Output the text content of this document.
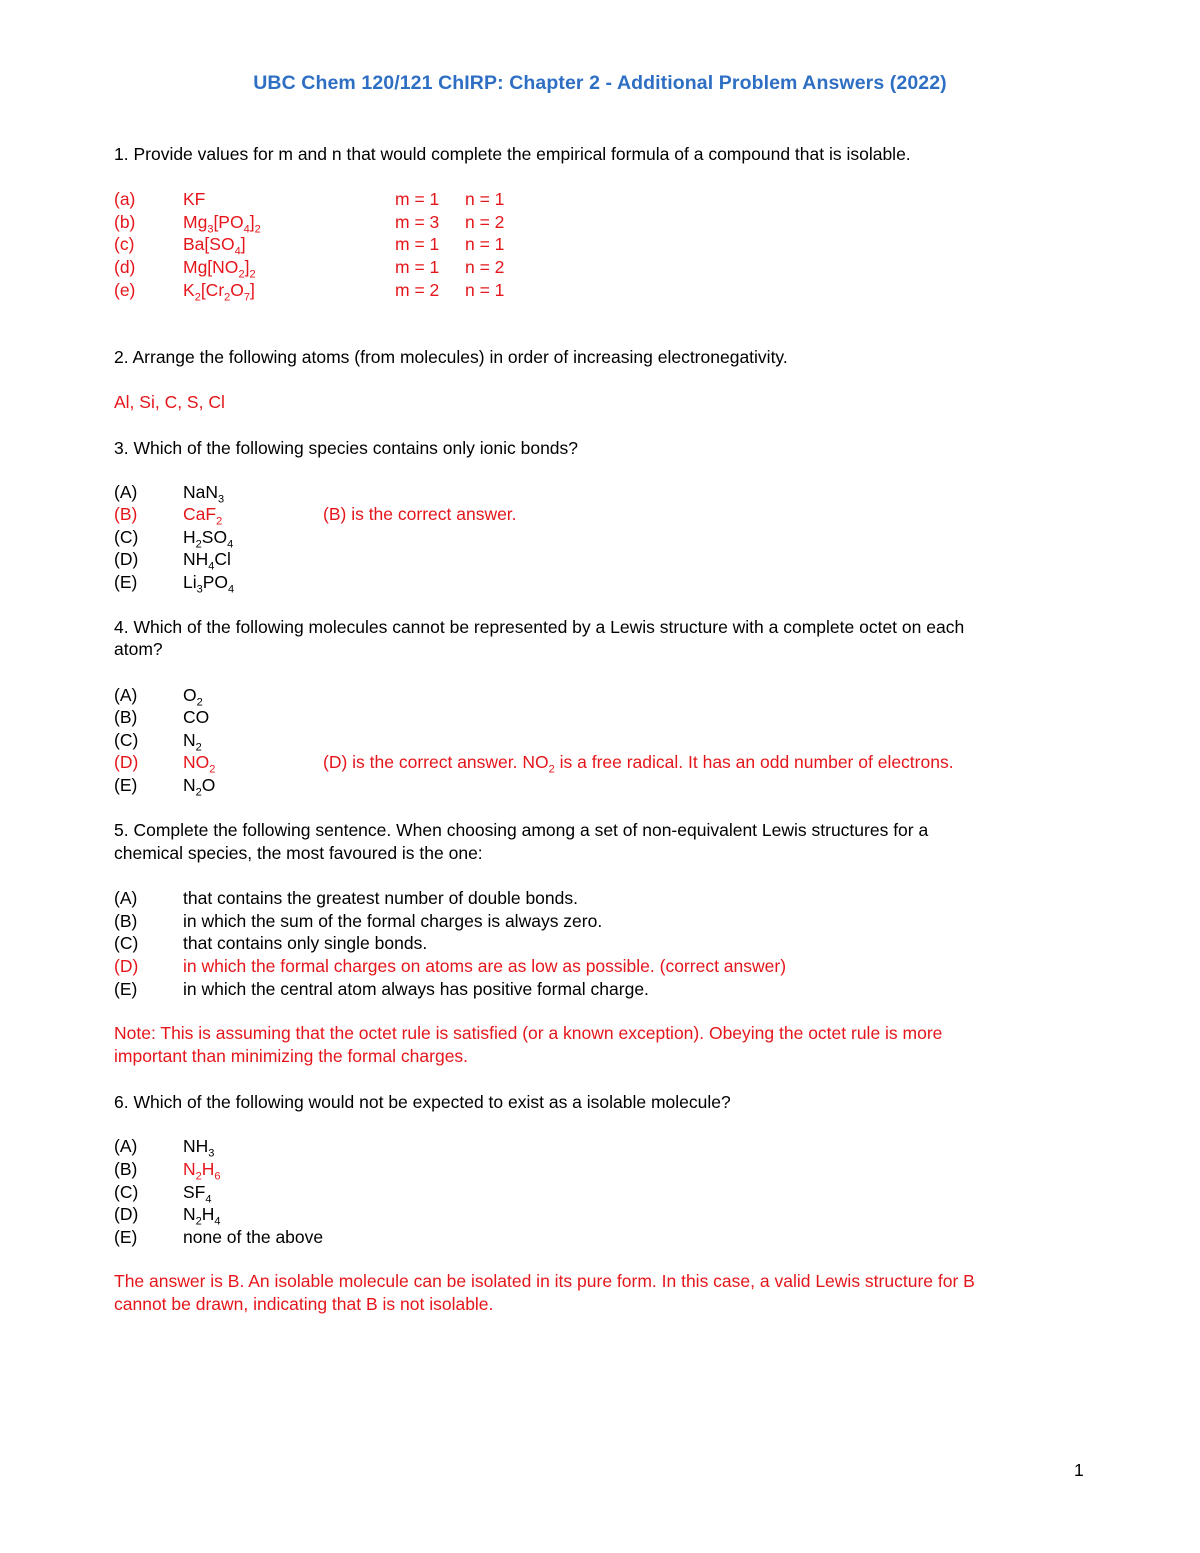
UBC Chem 120/121 ChIRP: Chapter 2 - Additional Problem Answers (2022)
1. Provide values for m and n that would complete the empirical formula of a compound that is isolable.
(a)	KF	m = 1 n = 1
(b)	$Mg_3[PO_4]_2$	m = 3 n = 2
(c)	$Ba[SO_4]$	m = 1 n = 1
(d)	$Mg[NO_2]_2$	m = 1 n = 2
(e)	$K_2[Cr_2O_7]$	m = 2 n = 1
2. Arrange the following atoms (from molecules) in order of increasing electronegativity.
Al, Si, C, S, Cl
3. Which of the following species contains only ionic bonds?
(A)	NaN$_3$
(B)	CaF$_2$
(C)	$H_2SO_4$
(D)	$NH_4Cl$
(E)	$Li_3PO_4$
(B) is the correct answer.
4. Which of the following molecules cannot be represented by a Lewis structure with a complete octet on each
atom?
(A)	$O_2$
(B)	CO
(C)	$N_2$
(D)	$NO_2$
(E)	$N_2O$
(D) is the correct answer. $NO_2$ is a free radical. It has an odd number of electrons.
5. Complete the following sentence. When choosing among a set of non-equivalent Lewis structures for a
chemical species, the most favoured is the one:
(A)	that contains the greatest number of double bonds.
(B)	in which the sum of the formal charges is always zero.
(C)	that contains only single bonds.
(D)	in which the formal charges on atoms are as low as possible. (correct answer)
(E)	in which the central atom always has positive formal charge.
Note: This is assuming that the octet rule is satisfied (or a known exception). Obeying the octet rule is more
important than minimizing the formal charges.
6. Which of the following would not be expected to exist as a isolable molecule?
(A)	$NH_3$
(B)	$N_2H_6$
(C)	$SF_4$
(D)	$N_2H_4$
(E)	none of the above
The answer is B. An isolable molecule can be isolated in its pure form. In this case, a valid Lewis structure for B
cannot be drawn, indicating that B is not isolable.
1
